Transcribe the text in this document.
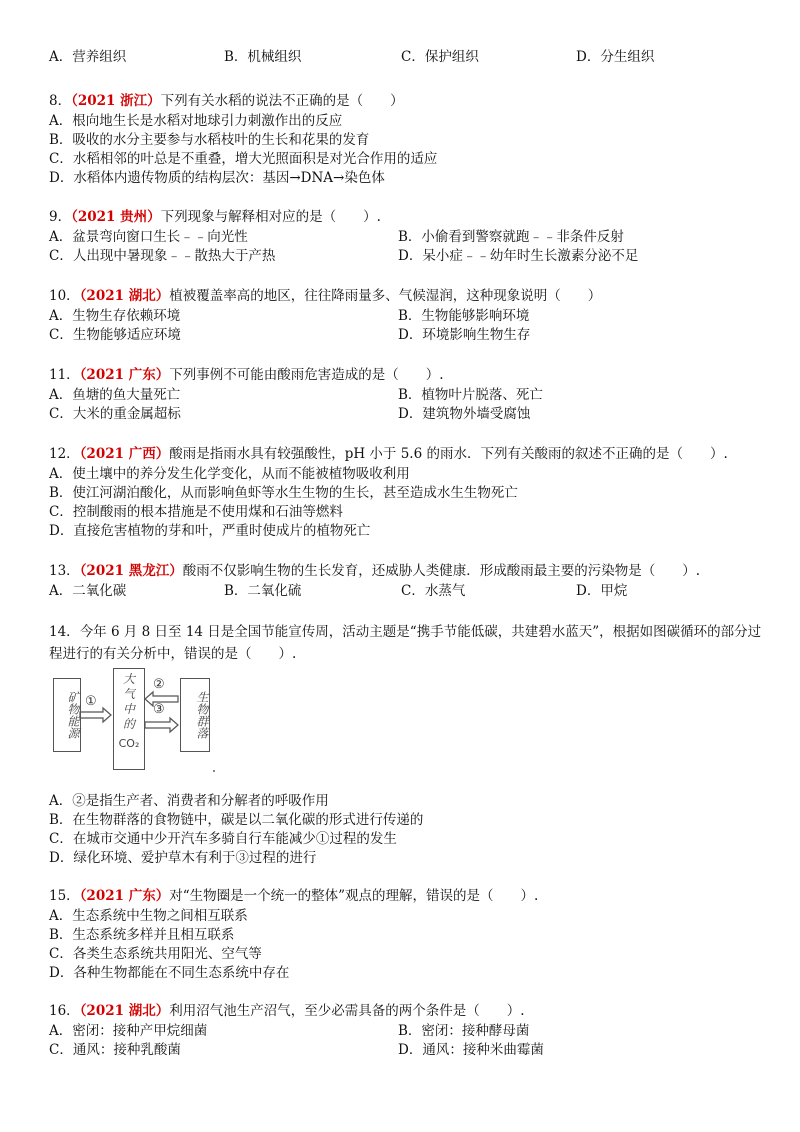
A．营养组织	B．机械组织	C．保护组织	D．分生组织
8．（2021 浙江）下列有关水稻的说法不正确的是（　　）
A．根向地生长是水稻对地球引力刺激作出的反应
B．吸收的水分主要参与水稻枝叶的生长和花果的发育
C．水稻相邻的叶总是不重叠，增大光照面积是对光合作用的适应
D．水稻体内遗传物质的结构层次：基因→DNA→染色体
9．（2021 贵州）下列现象与解释相对应的是（　　）.
A．盆景弯向窗口生长﹣﹣向光性	B．小偷看到警察就跑﹣﹣非条件反射
C．人出现中暑现象﹣﹣散热大于产热	D．呆小症﹣﹣幼年时生长激素分泌不足
10．（2021 湖北）植被覆盖率高的地区，往往降雨量多、气候湿润，这种现象说明（　　）
A．生物生存依赖环境	B．生物能够影响环境
C．生物能够适应环境	D．环境影响生物生存
11．（2021 广东）下列事例不可能由酸雨危害造成的是（　　）.
A．鱼塘的鱼大量死亡	B．植物叶片脱落、死亡
C．大米的重金属超标	D．建筑物外墙受腐蚀
12．（2021 广西）酸雨是指雨水具有较强酸性，pH 小于 5.6 的雨水．下列有关酸雨的叙述不正确的是（　　）.
A．使土壤中的养分发生化学变化，从而不能被植物吸收利用
B．使江河湖泊酸化，从而影响鱼虾等水生生物的生长，甚至造成水生生物死亡
C．控制酸雨的根本措施是不使用煤和石油等燃料
D．直接危害植物的芽和叶，严重时使成片的植物死亡
13．（2021 黑龙江）酸雨不仅影响生物的生长发育，还威胁人类健康．形成酸雨最主要的污染物是（　　）.
A．二氧化碳	B．二氧化硫	C．水蒸气	D．甲烷
14．今年 6 月 8 日至 14 日是全国节能宣传周，活动主题是“携手节能低碳，共建碧水蓝天”，根据如图碳循环的部分过程进行的有关分析中，错误的是（　　）.
矿物能源
大
气
中
的
CO₂
生物群落
①
②
③
A．②是指生产者、消费者和分解者的呼吸作用
B．在生物群落的食物链中，碳是以二氧化碳的形式进行传递的
C．在城市交通中少开汽车多骑自行车能减少①过程的发生
D．绿化环境、爱护草木有利于③过程的进行
15．（2021 广东）对“生物圈是一个统一的整体”观点的理解，错误的是（　　）.
A．生态系统中生物之间相互联系
B．生态系统多样并且相互联系
C．各类生态系统共用阳光、空气等
D．各种生物都能在不同生态系统中存在
16．（2021 湖北）利用沼气池生产沼气，至少必需具备的两个条件是（　　）.
A．密闭：接种产甲烷细菌	B．密闭：接种酵母菌
C．通风：接种乳酸菌	D．通风：接种米曲霉菌
